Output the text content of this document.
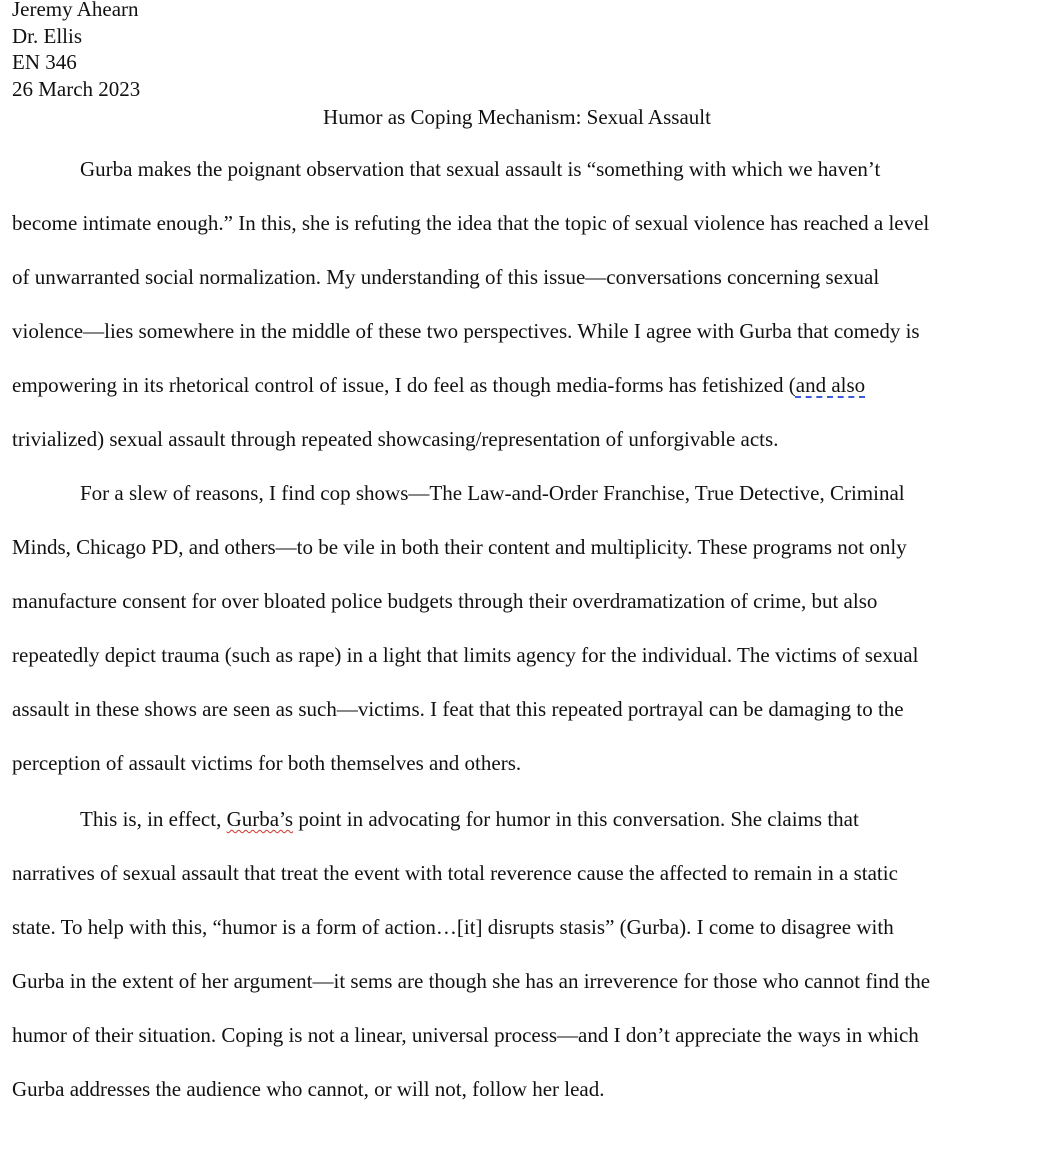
Jeremy Ahearn
Dr. Ellis
EN 346
26 March 2023
Humor as Coping Mechanism: Sexual Assault
Gurba makes the poignant observation that sexual assault is “something with which we haven’t
become intimate enough.” In this, she is refuting the idea that the topic of sexual violence has reached a level
of unwarranted social normalization. My understanding of this issue—conversations concerning sexual
violence—lies somewhere in the middle of these two perspectives. While I agree with Gurba that comedy is
empowering in its rhetorical control of issue, I do feel as though media-forms has fetishized (and also
trivialized) sexual assault through repeated showcasing/representation of unforgivable acts.
For a slew of reasons, I find cop shows—The Law-and-Order Franchise, True Detective, Criminal
Minds, Chicago PD, and others—to be vile in both their content and multiplicity. These programs not only
manufacture consent for over bloated police budgets through their overdramatization of crime, but also
repeatedly depict trauma (such as rape) in a light that limits agency for the individual. The victims of sexual
assault in these shows are seen as such—victims. I feat that this repeated portrayal can be damaging to the
perception of assault victims for both themselves and others.
This is, in effect, Gurba’s point in advocating for humor in this conversation. She claims that
narratives of sexual assault that treat the event with total reverence cause the affected to remain in a static
state. To help with this, “humor is a form of action…[it] disrupts stasis” (Gurba). I come to disagree with
Gurba in the extent of her argument—it sems are though she has an irreverence for those who cannot find the
humor of their situation. Coping is not a linear, universal process—and I don’t appreciate the ways in which
Gurba addresses the audience who cannot, or will not, follow her lead.
